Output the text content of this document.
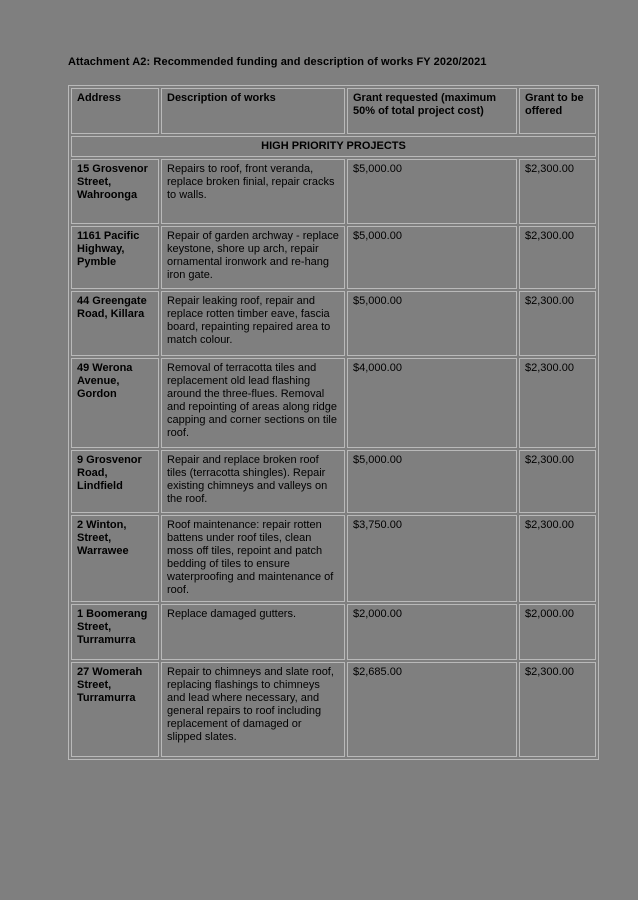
Attachment A2: Recommended funding and description of works FY 2020/2021
Address	Description of works	Grant requested (maximum 50% of total project cost)	Grant to be offered
HIGH PRIORITY PROJECTS			
15 Grosvenor Street, Wahroonga	Repairs to roof, front veranda, replace broken finial, repair cracks to walls.	$5,000.00	$2,300.00
1161 Pacific Highway, Pymble	Repair of garden archway - replace keystone, shore up arch, repair ornamental ironwork and re-hang iron gate.	$5,000.00	$2,300.00
44 Greengate Road, Killara	Repair leaking roof, repair and replace rotten timber eave, fascia board, repainting repaired area to match colour.	$5,000.00	$2,300.00
49 Werona Avenue, Gordon	Removal of terracotta tiles and replacement old lead flashing around the three-flues. Removal and repointing of areas along ridge capping and corner sections on tile roof.	$4,000.00	$2,300.00
9 Grosvenor Road, Lindfield	Repair and replace broken roof tiles (terracotta shingles). Repair existing chimneys and valleys on the roof.	$5,000.00	$2,300.00
2 Winton, Street, Warrawee	Roof maintenance: repair rotten battens under roof tiles, clean moss off tiles, repoint and patch bedding of tiles to ensure waterproofing and maintenance of roof.	$3,750.00	$2,300.00
1 Boomerang Street, Turramurra	Replace damaged gutters.	$2,000.00	$2,000.00
27 Womerah Street, Turramurra	Repair to chimneys and slate roof, replacing flashings to chimneys and lead where necessary, and general repairs to roof including replacement of damaged or slipped slates.	$2,685.00	$2,300.00
